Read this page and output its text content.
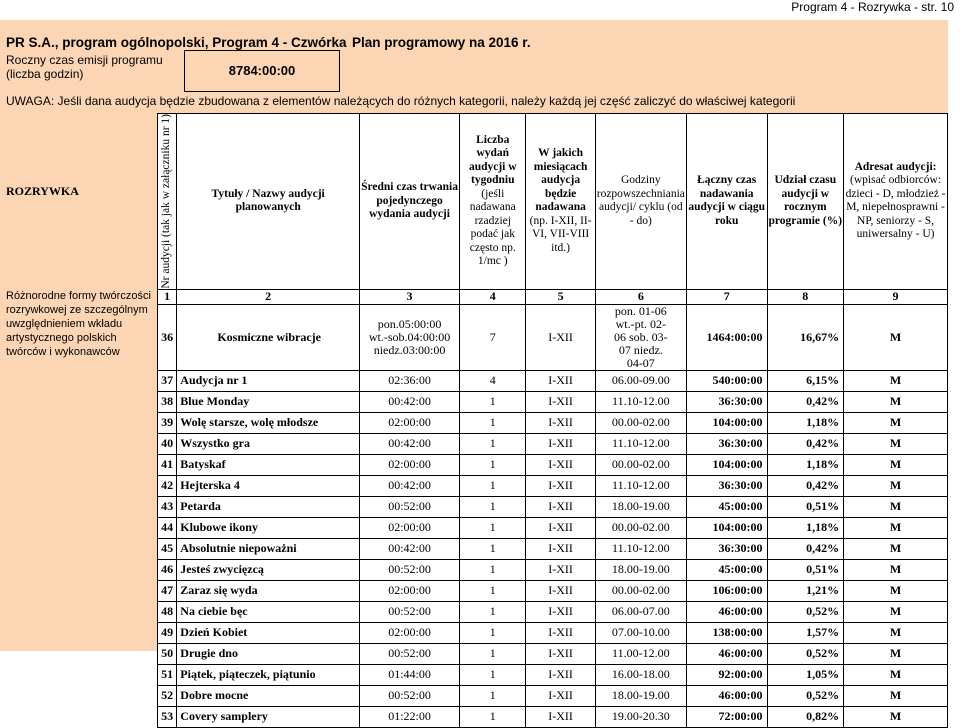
Program 4 - Rozrywka - str. 10
PR S.A., program ogólnopolski, Program 4 - Czwórka Plan programowy na 2016 r.
Roczny czas emisji programu (liczba godzin)	8784:00:00
UWAGA: Jeśli dana audycja będzie zbudowana z elementów należących do różnych kategorii, należy każdą jej część zaliczyć do właściwej kategorii
ROZRYWKA
Różnorodne formy twórczości rozrywkowej ze szczególnym uwzględnieniem wkładu artystycznego polskich twórców i wykonawców
Nr audycji (tak jak w załączniku nr 1)	Tytuły / Nazwy audycji planowanych	Średni czas trwania pojedynczego wydania audycji	Liczba wydań audycji w tygodniu (jeśli nadawana rzadziej podać jak często np. 1/mc )	W jakich miesiącach audycja będzie nadawana (np. I-XII, II-VI, VII-VIII itd.)	Godziny rozpowszechniania audycji/ cyklu (od - do)	Łączny czas nadawania audycji w ciągu roku	Udział czasu audycji w rocznym programie (%)	Adresat audycji: (wpisać odbiorców: dzieci - D, młodzież - M, niepełnosprawni - NP, seniorzy - S, uniwersalny - U)
1	2	3	4	5	6	7	8	9
36	Kosmiczne wibracje	pon.05:00:00 wt.-sob.04:00:00 niedz.03:00:00	7	I-XII	pon. 01-06 wt.-pt. 02-06 sob. 03-07 niedz. 04-07	1464:00:00	16,67%	M
37	Audycja nr 1	02:36:00	4	I-XII	06.00-09.00	540:00:00	6,15%	M
38	Blue Monday	00:42:00	1	I-XII	11.10-12.00	36:30:00	0,42%	M
39	Wolę starsze, wolę młodsze	02:00:00	1	I-XII	00.00-02.00	104:00:00	1,18%	M
40	Wszystko gra	00:42:00	1	I-XII	11.10-12.00	36:30:00	0,42%	M
41	Batyskaf	02:00:00	1	I-XII	00.00-02.00	104:00:00	1,18%	M
42	Hejterska 4	00:42:00	1	I-XII	11.10-12.00	36:30:00	0,42%	M
43	Petarda	00:52:00	1	I-XII	18.00-19.00	45:00:00	0,51%	M
44	Klubowe ikony	02:00:00	1	I-XII	00.00-02.00	104:00:00	1,18%	M
45	Absolutnie niepoważni	00:42:00	1	I-XII	11.10-12.00	36:30:00	0,42%	M
46	Jesteś zwycięzcą	00:52:00	1	I-XII	18.00-19.00	45:00:00	0,51%	M
47	Zaraz się wyda	02:00:00	1	I-XII	00.00-02.00	106:00:00	1,21%	M
48	Na ciebie bęc	00:52:00	1	I-XII	06.00-07.00	46:00:00	0,52%	M
49	Dzień Kobiet	02:00:00	1	I-XII	07.00-10.00	138:00:00	1,57%	M
50	Drugie dno	00:52:00	1	I-XII	11.00-12.00	46:00:00	0,52%	M
51	Piątek, piąteczek, piątunio	01:44:00	1	I-XII	16.00-18.00	92:00:00	1,05%	M
52	Dobre mocne	00:52:00	1	I-XII	18.00-19.00	46:00:00	0,52%	M
53	Covery samplery	01:22:00	1	I-XII	19.00-20.30	72:00:00	0,82%	M
